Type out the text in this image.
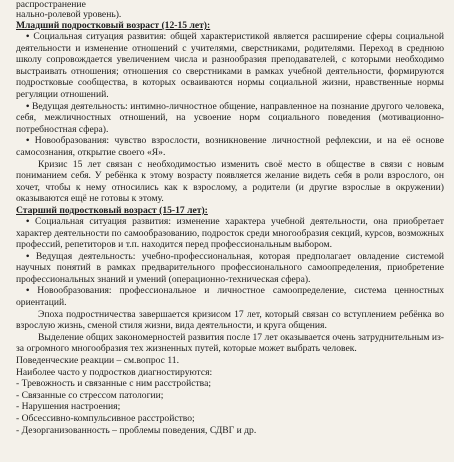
распространение

нально-ролевой уровень).

Младший подростковый возраст (12-15 лет):

• Социальная ситуация развития: общей характеристикой является расширение сферы социальной деятельности и изменение отношений с учителями, сверстниками, родителями. Переход в среднюю школу сопровождается увеличением числа и разнообразия преподавателей, с которыми необходимо выстраивать отношения; отношения со сверстниками в рамках учебной деятельности, формируются подростковые сообщества, в которых осваиваются нормы социальной жизни, нравственные нормы регуляции отношений.

• Ведущая деятельность: интимно-личностное общение, направленное на познание другого человека, себя, межличностных отношений, на усвоение норм социального поведения (мотивационно-потребностная сфера).

• Новообразования: чувство взрослости, возникновение личностной рефлексии, и на её основе самосознания, открытие своего «Я».

Кризис 15 лет связан с необходимостью изменить своё место в обществе в связи с новым пониманием себя. У ребёнка к этому возрасту появляется желание видеть себя в роли взрослого, он хочет, чтобы к нему относились как к взрослому, а родители (и другие взрослые в окружении) оказываются ещё не готовы к этому.

Старший подростковый возраст (15-17 лет):

• Социальная ситуация развития: изменение характера учебной деятельности, она приобретает характер деятельности по самообразованию, подросток среди многообразия секций, курсов, возможных профессий, репетиторов и т.п. находится перед профессиональным выбором.

• Ведущая деятельность: учебно-профессиональная, которая предполагает овладение системой научных понятий в рамках предварительного профессионального самоопределения, приобретение профессиональных знаний и умений (операционно-техническая сфера).

• Новообразования: профессиональное и личностное самоопределение, система ценностных ориентаций.

Эпоха подростничества завершается кризисом 17 лет, который связан со вступлением ребёнка во взрослую жизнь, сменой стиля жизни, вида деятельности, и круга общения.

Выделение общих закономерностей развития после 17 лет оказывается очень затруднительным из-за огромного многообразия тех жизненных путей, которые может выбрать человек.

Поведенческие реакции – см.вопрос 11.

Наиболее часто у подростков диагностируются:

- Тревожность и связанные с ним расстройства;

- Связанные со стрессом патологии;

- Нарушения настроения;

- Обсессивно-компульсивное расстройство;

- Дезорганизованность – проблемы поведения, СДВГ и др.
